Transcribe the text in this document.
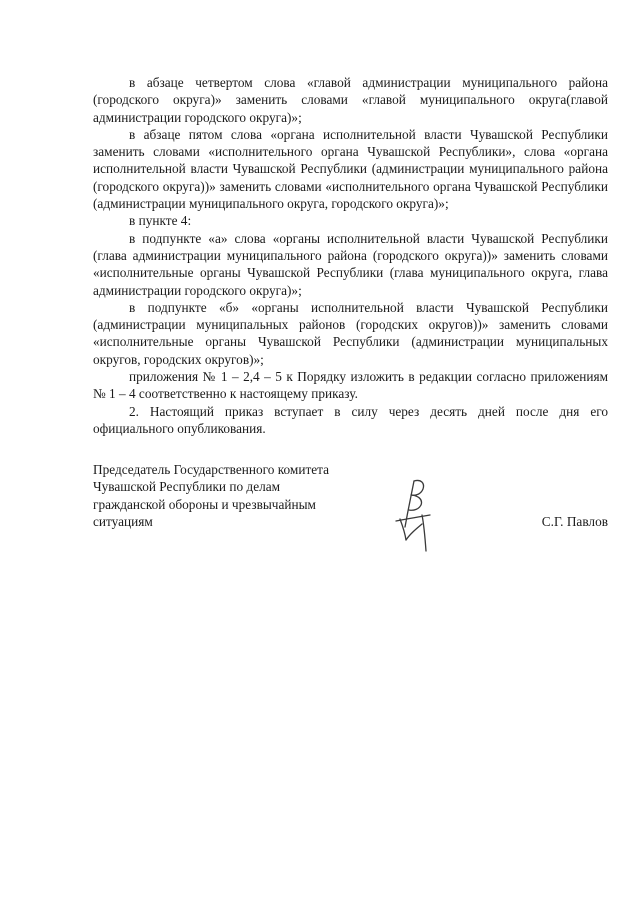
в абзаце четвертом слова «главой администрации муниципального района (городского округа)» заменить словами «главой муниципального округа(главой администрации городского округа)»;

в абзаце пятом слова «органа исполнительной власти Чувашской Республики заменить словами «исполнительного органа Чувашской Республики», слова «органа исполнительной власти Чувашской Республики (администрации муниципального района (городского округа))» заменить словами «исполнительного органа Чувашской Республики (администрации муниципального округа, городского округа)»;

в пункте 4:

в подпункте «а» слова «органы исполнительной власти Чувашской Республики (глава администрации муниципального района (городского округа))» заменить словами «исполнительные органы Чувашской Республики (глава муниципального округа, глава администрации городского округа)»;

в подпункте «б» «органы исполнительной власти Чувашской Республики (администрации муниципальных районов (городских округов))» заменить словами «исполнительные органы Чувашской Республики (администрации муниципальных округов, городских округов)»;

приложения № 1 – 2,4 – 5 к Порядку изложить в редакции согласно приложениям № 1 – 4 соответственно к настоящему приказу.

2. Настоящий приказ вступает в силу через десять дней после дня его официального опубликования.

Председатель Государственного комитета
Чувашской Республики по делам
гражданской обороны и чрезвычайным
ситуациям	С.Г. Павлов
